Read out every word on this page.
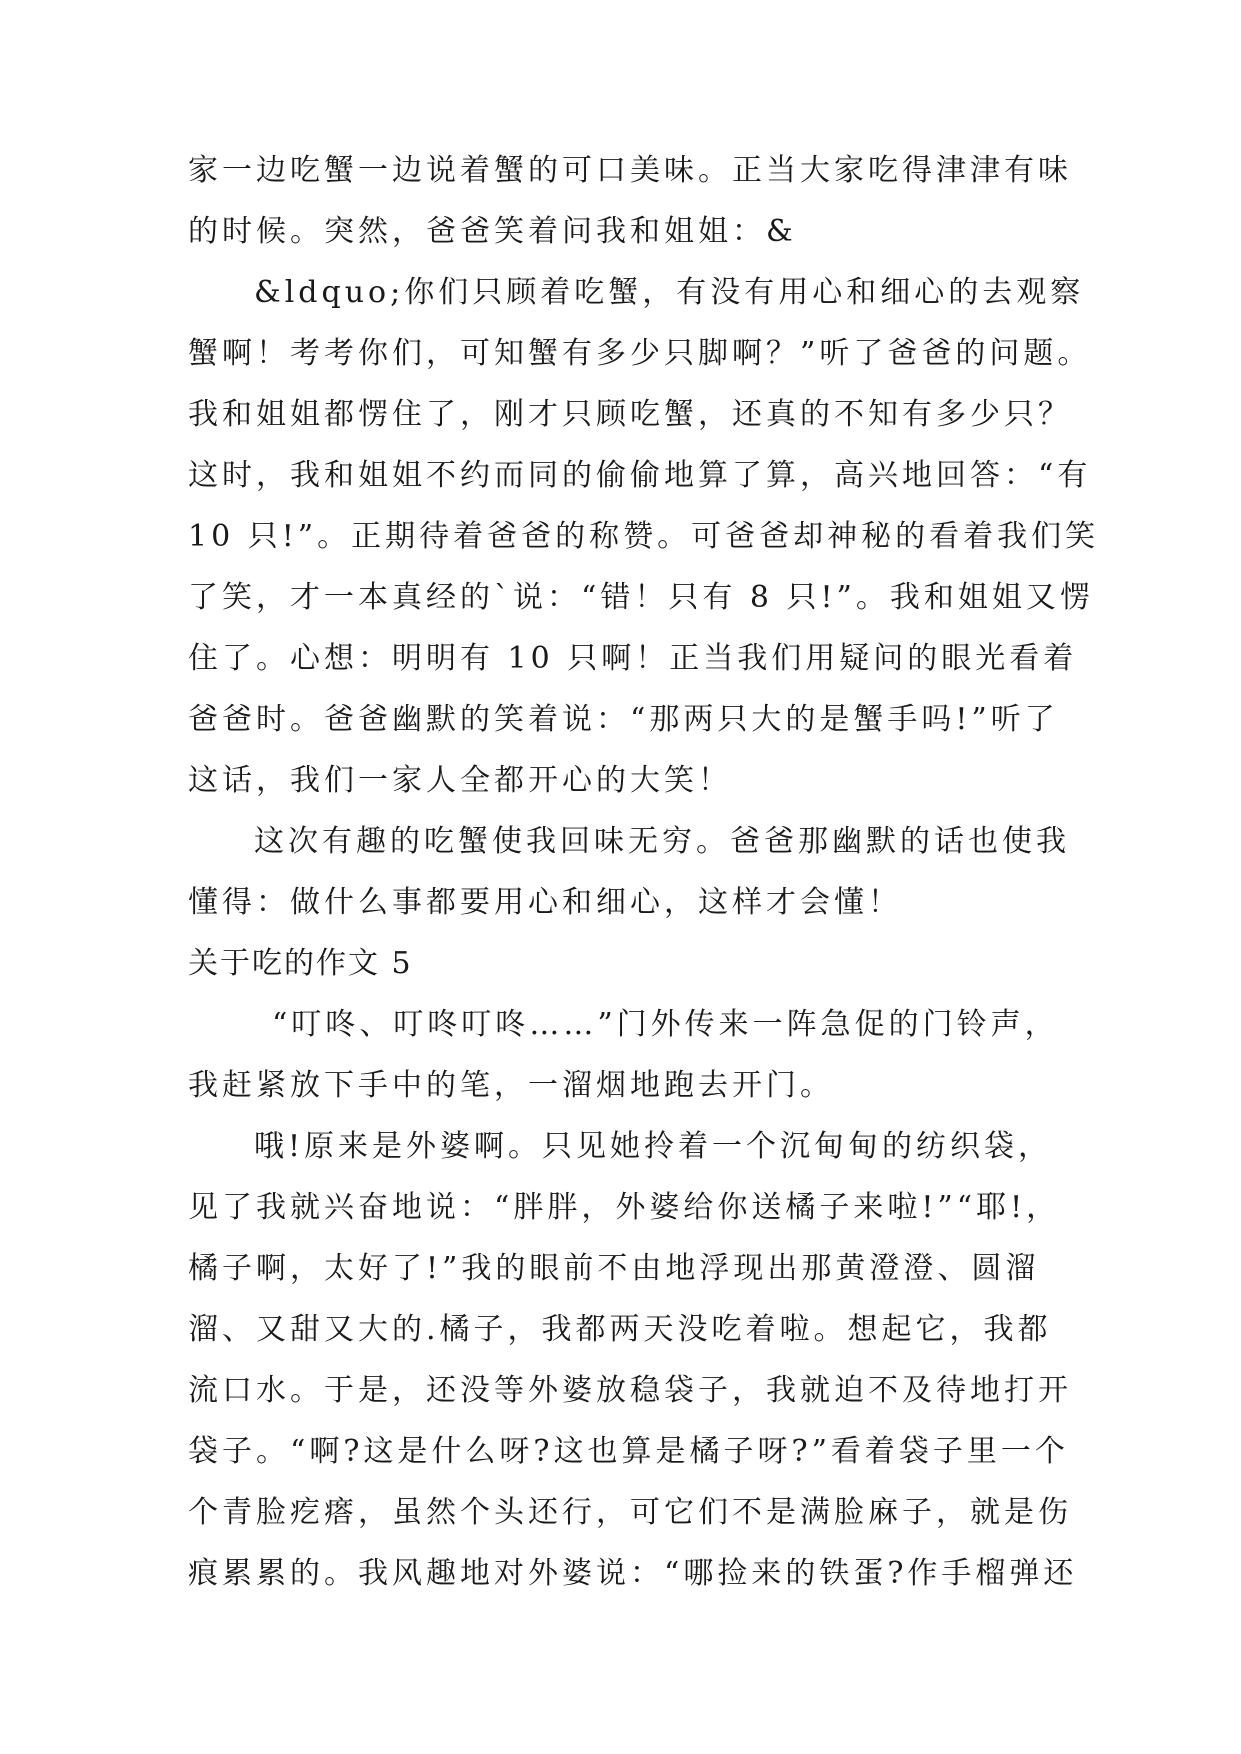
家一边吃蟹一边说着蟹的可口美味。正当大家吃得津津有味
的时候。突然，爸爸笑着问我和姐姐：&
&ldquo;你们只顾着吃蟹，有没有用心和细心的去观察
蟹啊！考考你们，可知蟹有多少只脚啊？”听了爸爸的问题。
我和姐姐都愣住了，刚才只顾吃蟹，还真的不知有多少只？
这时，我和姐姐不约而同的偷偷地算了算，高兴地回答：“有
10 只!”。正期待着爸爸的称赞。可爸爸却神秘的看着我们笑
了笑，才一本真经的`说：“错！只有 8 只!”。我和姐姐又愣
住了。心想：明明有 10 只啊！正当我们用疑问的眼光看着
爸爸时。爸爸幽默的笑着说：“那两只大的是蟹手吗!”听了
这话，我们一家人全都开心的大笑！
这次有趣的吃蟹使我回味无穷。爸爸那幽默的话也使我
懂得：做什么事都要用心和细心，这样才会懂！
关于吃的作文 5
“叮咚、叮咚叮咚……”门外传来一阵急促的门铃声，
我赶紧放下手中的笔，一溜烟地跑去开门。
哦!原来是外婆啊。只见她拎着一个沉甸甸的纺织袋，
见了我就兴奋地说：“胖胖，外婆给你送橘子来啦!”“耶!，
橘子啊，太好了!”我的眼前不由地浮现出那黄澄澄、圆溜
溜、又甜又大的.橘子，我都两天没吃着啦。想起它，我都
流口水。于是，还没等外婆放稳袋子，我就迫不及待地打开
袋子。“啊?这是什么呀?这也算是橘子呀?”看着袋子里一个
个青脸疙瘩，虽然个头还行，可它们不是满脸麻子，就是伤
痕累累的。我风趣地对外婆说：“哪捡来的铁蛋?作手榴弹还
